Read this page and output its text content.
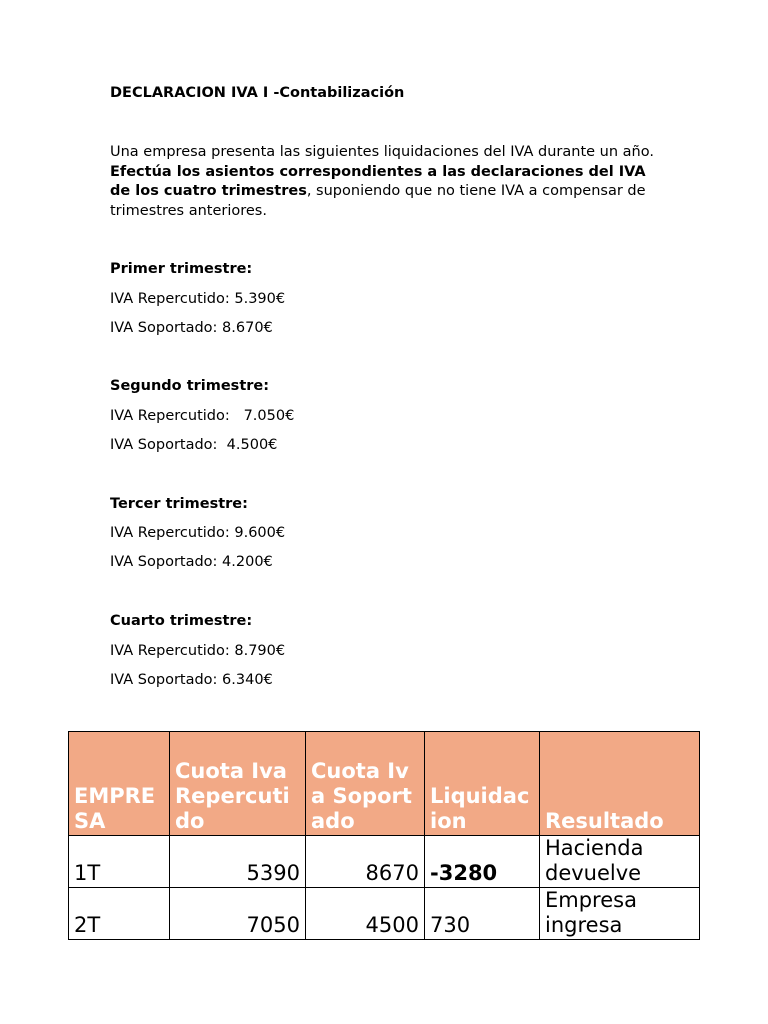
DECLARACION IVA I -Contabilización
Una empresa presenta las siguientes liquidaciones del IVA durante un año. Efectúa los asientos correspondientes a las declaraciones del IVA de los cuatro trimestres, suponiendo que no tiene IVA a compensar de trimestres anteriores.
Primer trimestre:
IVA Repercutido: 5.390€
IVA Soportado: 8.670€
Segundo trimestre:
IVA Repercutido:   7.050€
IVA Soportado:  4.500€
Tercer trimestre:
IVA Repercutido: 9.600€
IVA Soportado: 4.200€
Cuarto trimestre:
IVA Repercutido: 8.790€
IVA Soportado: 6.340€
EMPRESA	Cuota Iva Repercutido	Cuota Iva Soportado	Liquidacion	Resultado
1T	5390	8670	-3280	Hacienda devuelve
2T	7050	4500	730	Empresa ingresa
